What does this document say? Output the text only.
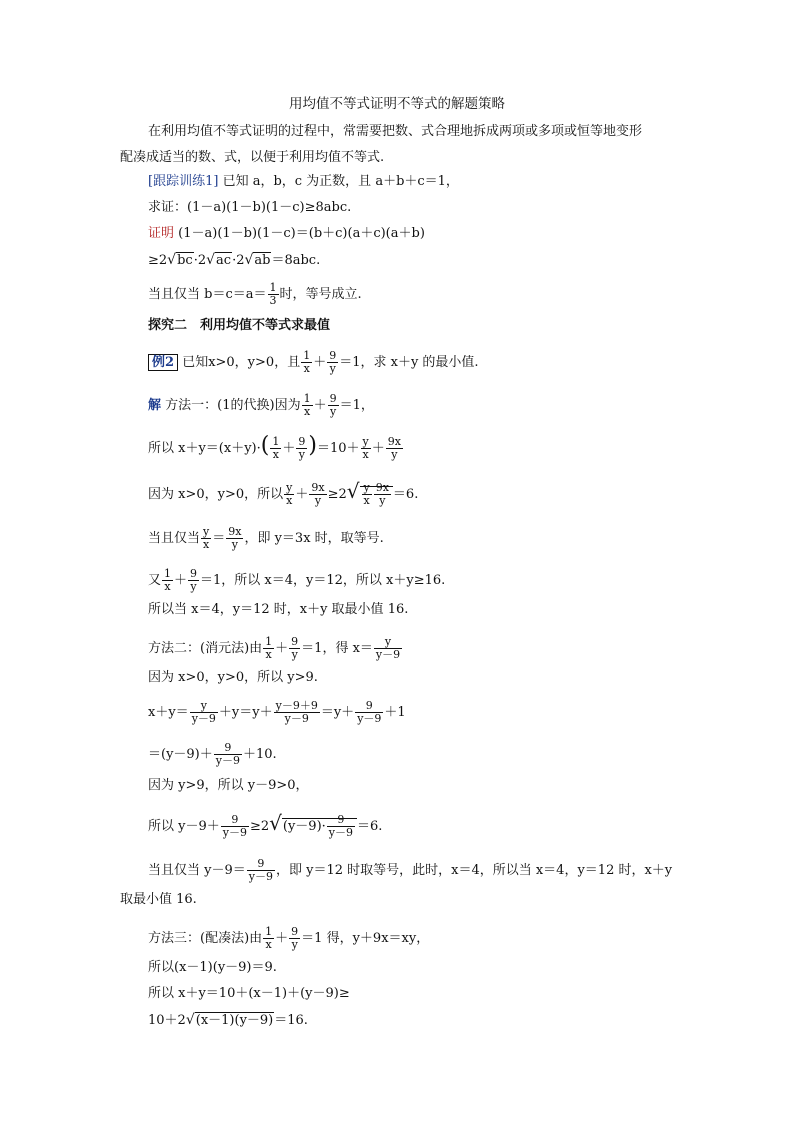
用均值不等式证明不等式的解题策略
在利用均值不等式证明的过程中，常需要把数、式合理地拆成两项或多项或恒等地变形
配凑成适当的数、式，以便于利用均值不等式.
[跟踪训练1] 已知 a，b，c 为正数，且 a＋b＋c＝1，
求证：(1－a)(1－b)(1－c)≥8abc.
证明 (1－a)(1－b)(1－c)＝(b＋c)(a＋c)(a＋b)
≥2√bc·2√ac·2√ab＝8abc.
当且仅当 $b=c=a= \frac{1}{3}$ 时，等号成立.
探究二　利用均值不等式求最值
例2 已知x>0，y>0，且 $\frac{1}{x} + \frac{9}{y} =1$，求 x＋y 的最小值.
解 方法一：(1的代换)因为 $\frac{1}{x} + \frac{9}{y} =1$，
所以 $x+y=(x+y)\cdot( \frac{1}{x} + \frac{9}{y} )=10+ \frac{y}{x} + \frac{9x}{y}$
因为 x>0，y>0，所以 $\frac{y}{x} + \frac{9x}{y} \ge 2√ \frac{y}{x} \frac{9x}{y} =6$.
当且仅当 $\frac{y}{x} = \frac{9x}{y}$ ，即 y＝3x 时，取等号.
又 $\frac{1}{x} + \frac{9}{y} =1$，所以 x＝4，y＝12，所以 x＋y≥16.
所以当 x＝4，y＝12 时，x＋y 取最小值 16.
方法二：(消元法)由 $\frac{1}{x} + \frac{9}{y} =1$，得 $x= \frac{y}{y-9}$
因为 x>0，y>0，所以 y>9.
$x+y= \frac{y}{y-9} +y=y+ \frac{y-9+9}{y-9} =y+ \frac{9}{y-9} +1$
$=(y-9)+ \frac{9}{y-9} +10$.
因为 y>9，所以 y－9>0，
所以 $y-9+ \frac{9}{y-9} \ge 2√(y-9)\cdot \frac{9}{y-9} =6$.
当且仅当 $y-9= \frac{9}{y-9}$ ，即 y＝12 时取等号，此时，x＝4，所以当 x＝4，y＝12 时，x＋y
取最小值 16.
方法三：(配凑法)由 $\frac{1}{x} + \frac{9}{y} =1$ 得，y＋9x＝xy，
所以(x－1)(y－9)＝9.
所以 x＋y＝10＋(x－1)＋(y－9)≥
10＋2√(x－1)(y－9)＝16.
